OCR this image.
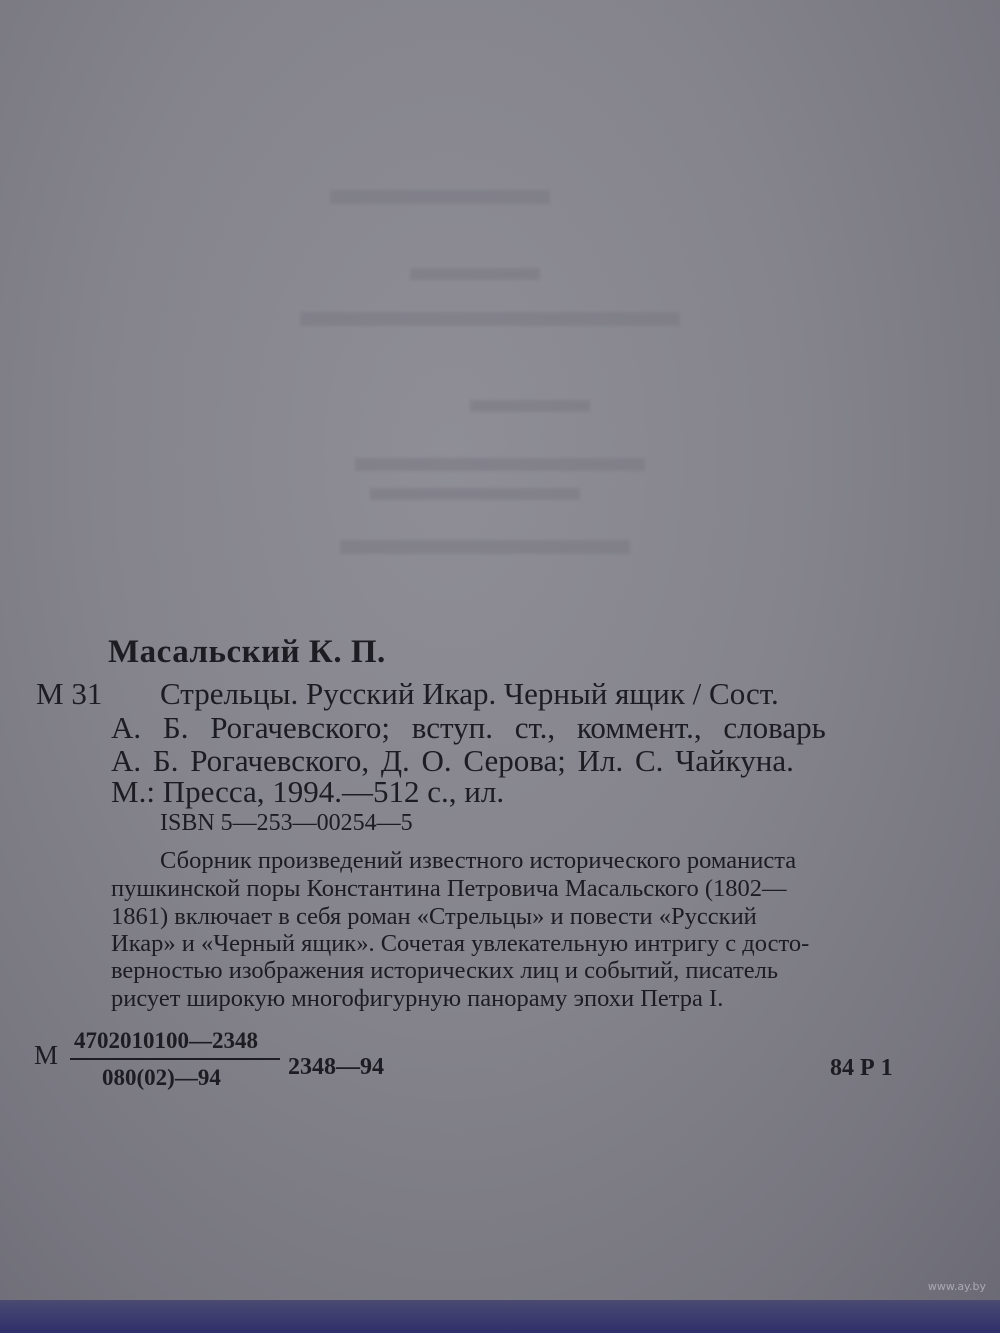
Масальский К. П.
М 31 Стрельцы. Русский Икар. Черный ящик / Сост.
А. Б. Рогачевского; вступ. ст., коммент., словарь
А. Б. Рогачевского, Д. О. Серова; Ил. С. Чайкуна.
М.: Пресса, 1994.—512 с., ил.
ISBN 5—253—00254—5
Сборник произведений известного исторического романиста
пушкинской поры Константина Петровича Масальского (1802—
1861) включает в себя роман «Стрельцы» и повести «Русский
Икар» и «Черный ящик». Сочетая увлекательную интригу с досто-
верностью изображения исторических лиц и событий, писатель
рисует широкую многофигурную панораму эпохи Петра I.
М 4702010100—2348
080(02)—94	2348—94	84 Р 1
www.ay.by
